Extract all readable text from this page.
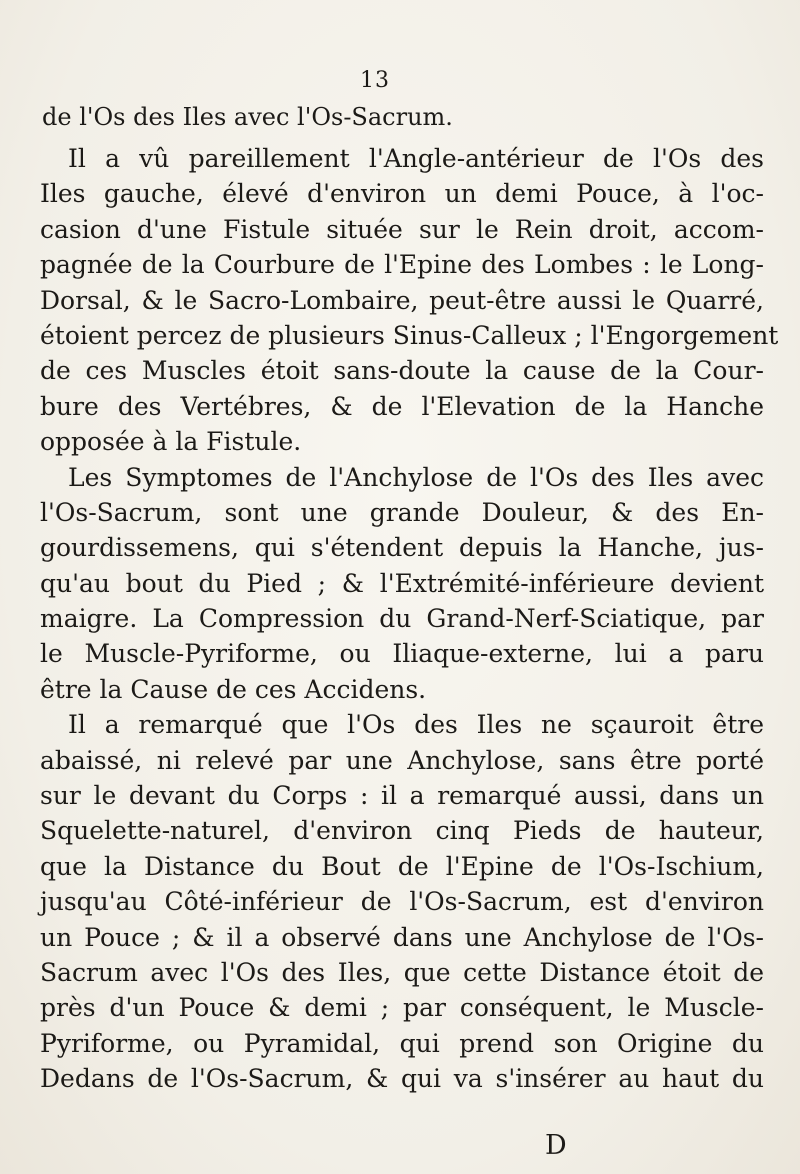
13
de l'Os des Iles avec l'Os-Sacrum.
Il a vû pareillement l'Angle-antérieur de l'Os des
Iles gauche, élevé d'environ un demi Pouce, à l'oc-
casion d'une Fistule située sur le Rein droit, accom-
pagnée de la Courbure de l'Epine des Lombes : le Long-
Dorsal, & le Sacro-Lombaire, peut-être aussi le Quarré,
étoient percez de plusieurs Sinus-Calleux ; l'Engorgement
de ces Muscles étoit sans-doute la cause de la Cour-
bure des Vertébres, & de l'Elevation de la Hanche
opposée à la Fistule.
Les Symptomes de l'Anchylose de l'Os des Iles avec
l'Os-Sacrum, sont une grande Douleur, & des En-
gourdissemens, qui s'étendent depuis la Hanche, jus-
qu'au bout du Pied ; & l'Extrémité-inférieure devient
maigre. La Compression du Grand-Nerf-Sciatique, par
le Muscle-Pyriforme, ou Iliaque-externe, lui a paru
être la Cause de ces Accidens.
Il a remarqué que l'Os des Iles ne sçauroit être
abaissé, ni relevé par une Anchylose, sans être porté
sur le devant du Corps : il a remarqué aussi, dans un
Squelette-naturel, d'environ cinq Pieds de hauteur,
que la Distance du Bout de l'Epine de l'Os-Ischium,
jusqu'au Côté-inférieur de l'Os-Sacrum, est d'environ
un Pouce ; & il a observé dans une Anchylose de l'Os-
Sacrum avec l'Os des Iles, que cette Distance étoit de
près d'un Pouce & demi ; par conséquent, le Muscle-
Pyriforme, ou Pyramidal, qui prend son Origine du
Dedans de l'Os-Sacrum, & qui va s'insérer au haut du
D
